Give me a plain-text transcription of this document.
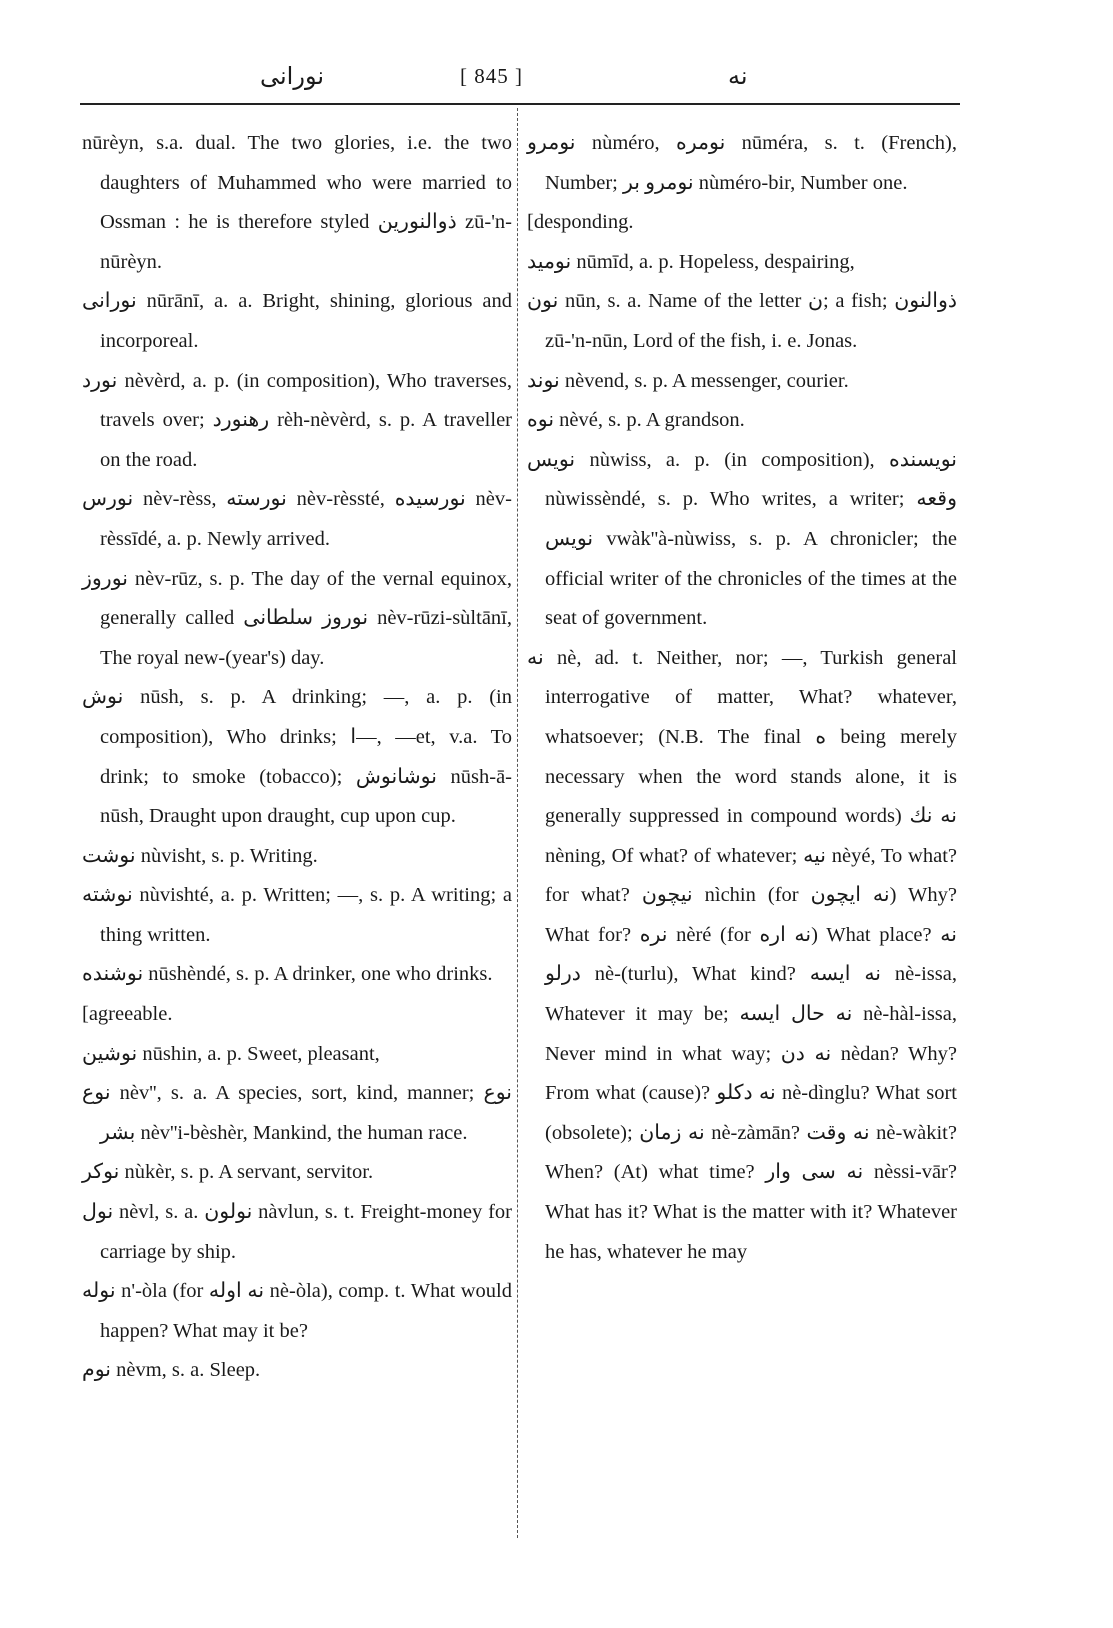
نورانی	[ 845 ]	نه

nūrèyn, s.a. dual. The two glories, i.e. the two daughters of Muhammed who were married to Ossman : he is therefore styled ذوالنورين zū-'n-nūrèyn.

نورانى nūrānī, a. a. Bright, shining, glorious and incorporeal.

نورد nèvèrd, a. p. (in composition), Who traverses, travels over; رهنورد rèh-nèvèrd, s. p. A traveller on the road.

نورس nèv-rèss, نورسته nèv-rèssté, نورسيده nèv-rèssīdé, a. p. Newly arrived.

نوروز nèv-rūz, s. p. The day of the vernal equinox, generally called نوروز سلطانى nèv-rūzi-sùltānī, The royal new-(year's) day.

نوش nūsh, s. p. A drinking; —, a. p. (in composition), Who drinks; ا—, —et, v.a. To drink; to smoke (tobacco); نوشانوش nūsh-ā-nūsh, Draught upon draught, cup upon cup.

نوشت nùvisht, s. p. Writing.

نوشته nùvishté, a. p. Written; —, s. p. A writing; a thing written.

نوشنده nūshèndé, s. p. A drinker, one who drinks.

[agreeable.

نوشين nūshin, a. p. Sweet, pleasant,

نوع nèv'', s. a. A species, sort, kind, manner; نوع بشر nèv''i-bèshèr, Mankind, the human race.

نوكر nùkèr, s. p. A servant, servitor.

نول nèvl, s. a. نولون nàvlun, s. t. Freight-money for carriage by ship.

نوله n'-òla (for نه اوله nè-òla), comp. t. What would happen? What may it be?

نوم nèvm, s. a. Sleep.

نومرو nùméro, نومره nūméra, s. t. (French), Number; نومرو بر nùméro-bir, Number one.

[desponding.

نوميد nūmīd, a. p. Hopeless, despairing,

نون nūn, s. a. Name of the letter ن; a fish; ذوالنون zū-'n-nūn, Lord of the fish, i. e. Jonas.

نوند nèvend, s. p. A messenger, courier.

نوه nèvé, s. p. A grandson.

نويس nùwiss, a. p. (in composition), نويسنده nùwissèndé, s. p. Who writes, a writer; وقعه نويس vwàk''à-nùwiss, s. p. A chronicler; the official writer of the chronicles of the times at the seat of government.

نه nè, ad. t. Neither, nor; —, Turkish general interrogative of matter, What? whatever, whatsoever; (N.B. The final ه being merely necessary when the word stands alone, it is generally suppressed in compound words) نه نك nèning, Of what? of whatever; نيه nèyé, To what? for what? نيچون nìchin (for نه ايچون) Why? What for? نره nèré (for نه اره) What place? نه درلو nè-(turlu), What kind? نه ايسه nè-issa, Whatever it may be; نه حال ايسه nè-hàl-issa, Never mind in what way; نه دن nèdan? Why? From what (cause)? نه دكلو nè-dìnglu? What sort (obsolete); نه زمان nè-zàmān? نه وقت nè-wàkit? When? (At) what time? نه سى وار nèssi-vār? What has it? What is the matter with it? Whatever he has, whatever he may
